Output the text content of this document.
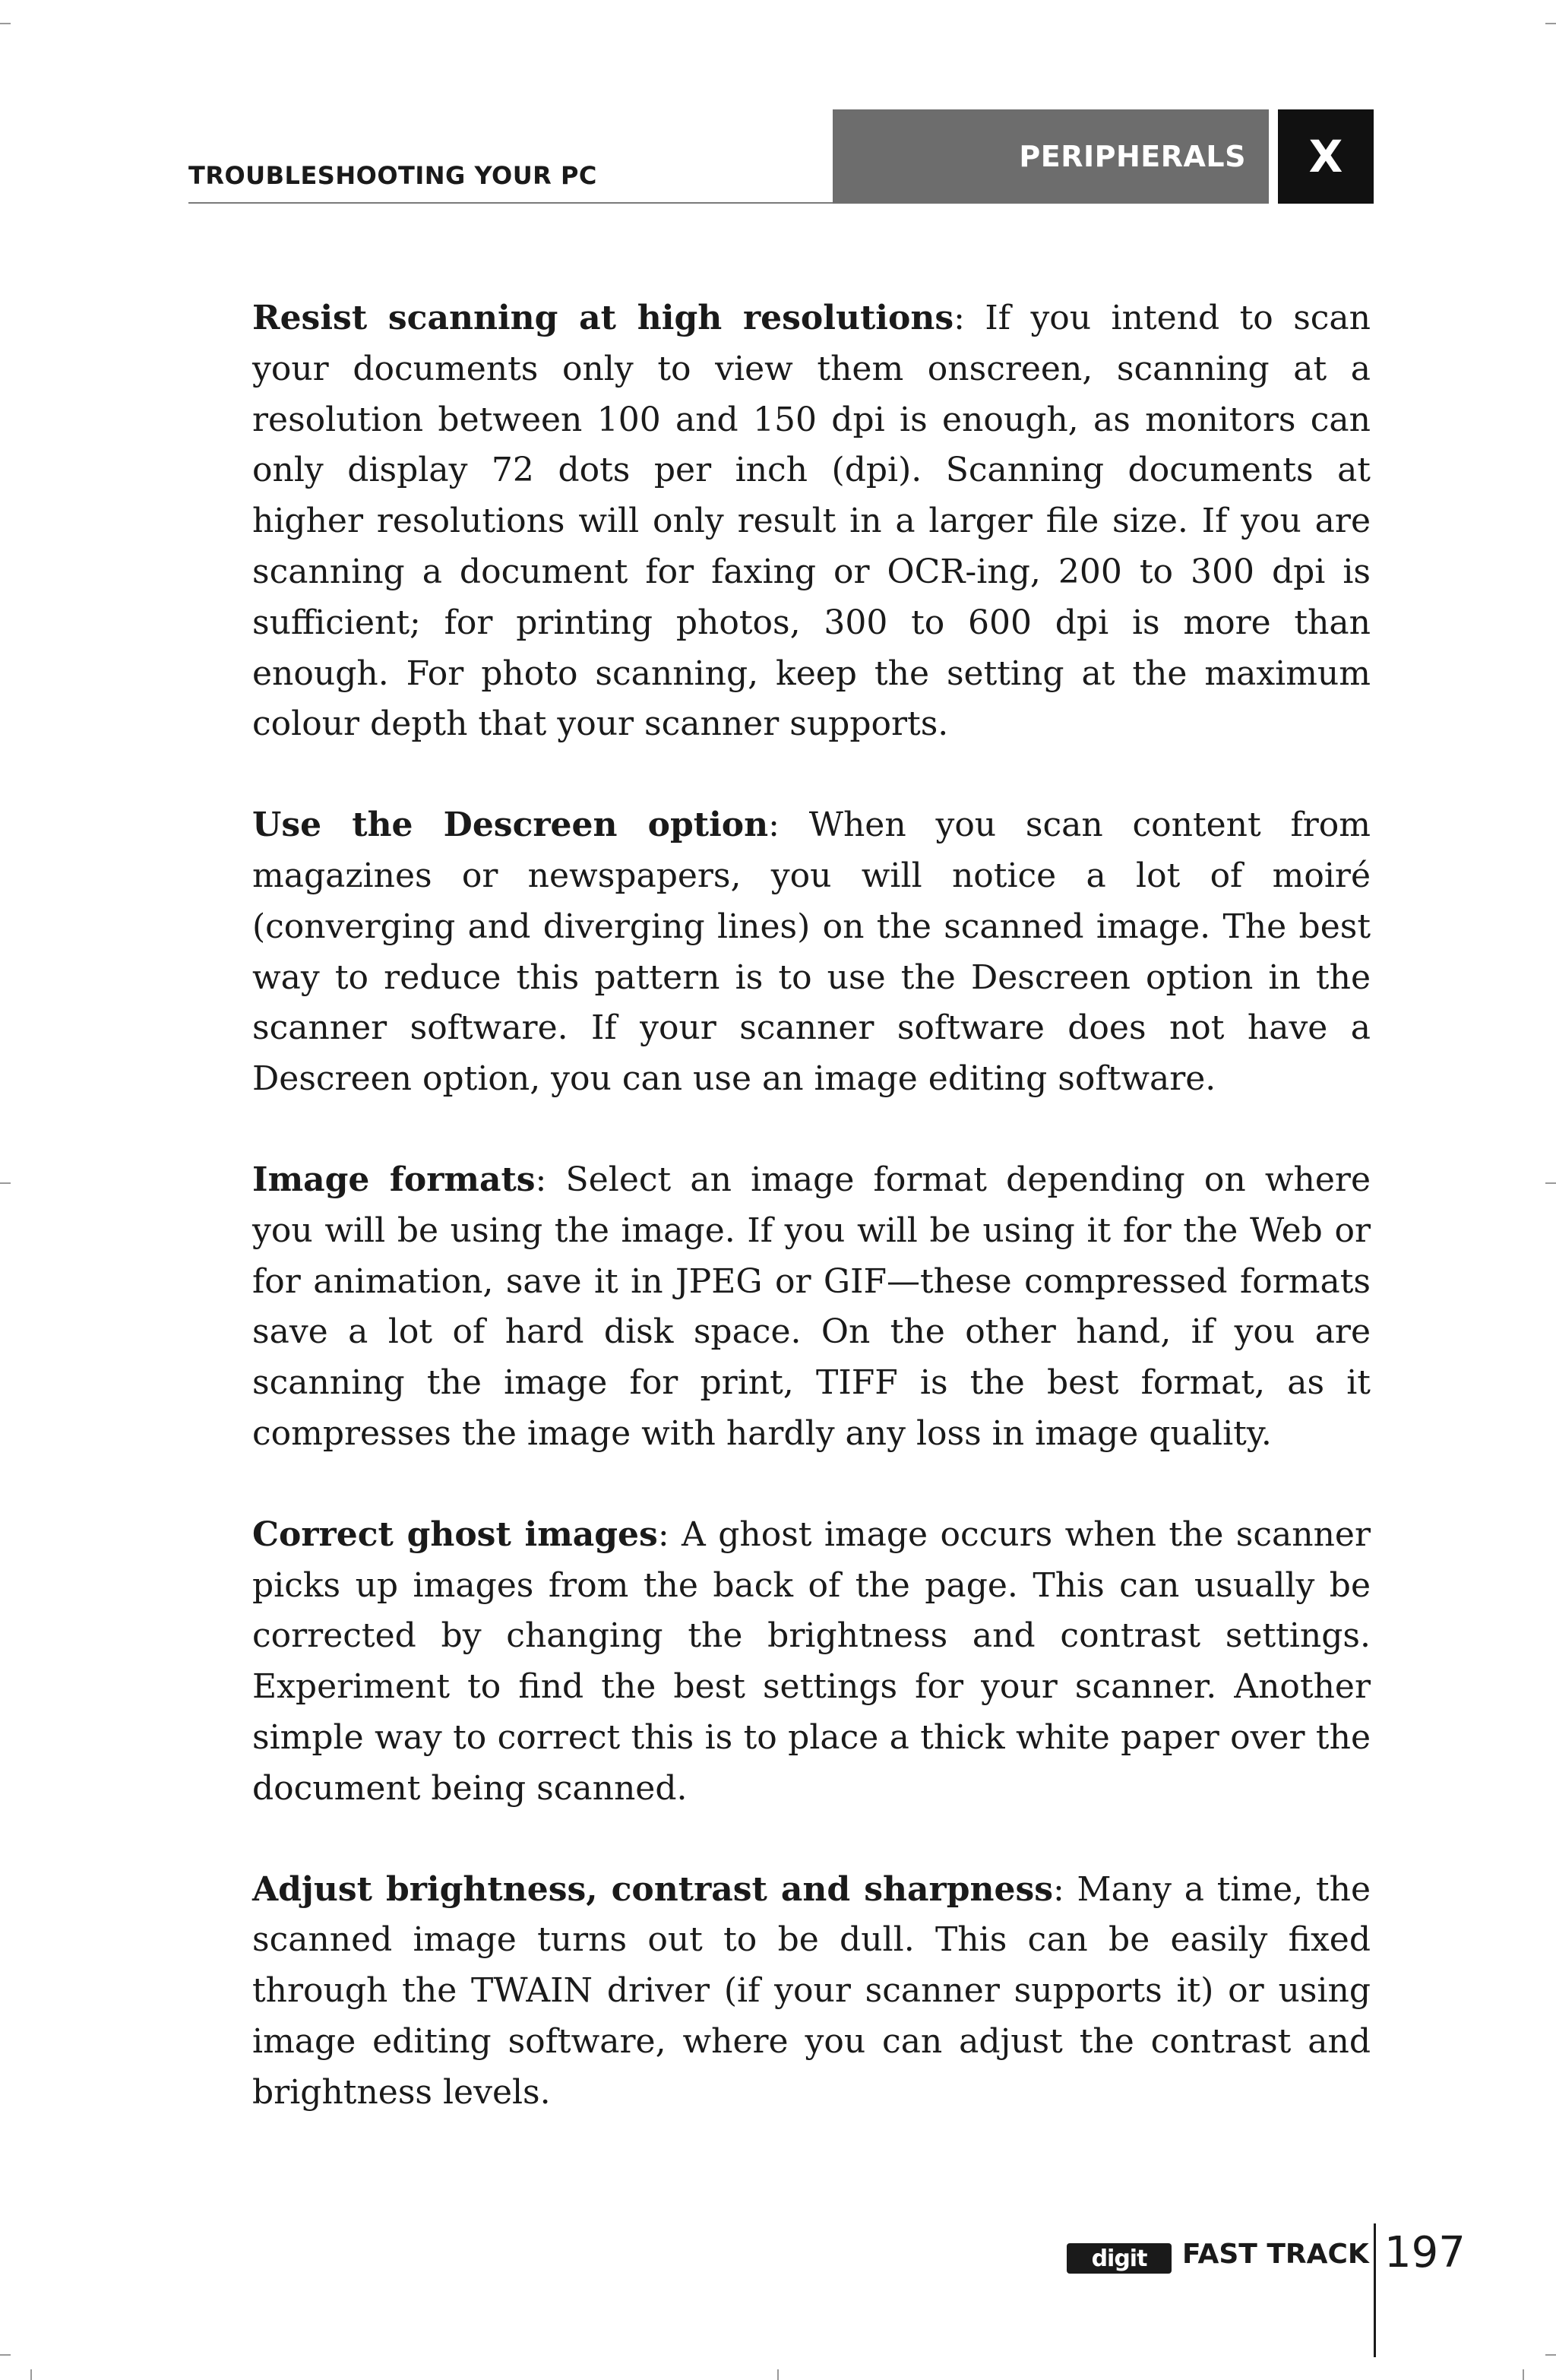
TROUBLESHOOTING YOUR PC
PERIPHERALS X

Resist scanning at high resolutions: If you intend to scan your documents only to view them onscreen, scanning at a resolution between 100 and 150 dpi is enough, as monitors can only display 72 dots per inch (dpi). Scanning documents at higher resolutions will only result in a larger file size. If you are scanning a document for faxing or OCR-ing, 200 to 300 dpi is sufficient; for printing photos, 300 to 600 dpi is more than enough. For photo scanning, keep the setting at the maximum colour depth that your scanner supports.

Use the Descreen option: When you scan content from magazines or newspapers, you will notice a lot of moiré (converging and diverging lines) on the scanned image. The best way to reduce this pattern is to use the Descreen option in the scanner software. If your scanner software does not have a Descreen option, you can use an image editing software.

Image formats: Select an image format depending on where you will be using the image. If you will be using it for the Web or for animation, save it in JPEG or GIF—these compressed formats save a lot of hard disk space. On the other hand, if you are scanning the image for print, TIFF is the best format, as it compresses the image with hardly any loss in image quality.

Correct ghost images: A ghost image occurs when the scanner picks up images from the back of the page. This can usually be corrected by changing the brightness and contrast settings. Experiment to find the best settings for your scanner. Another simple way to correct this is to place a thick white paper over the document being scanned.

Adjust brightness, contrast and sharpness: Many a time, the scanned image turns out to be dull. This can be easily fixed through the TWAIN driver (if your scanner supports it) or using image editing software, where you can adjust the contrast and brightness levels.

digit FAST TRACK 197
